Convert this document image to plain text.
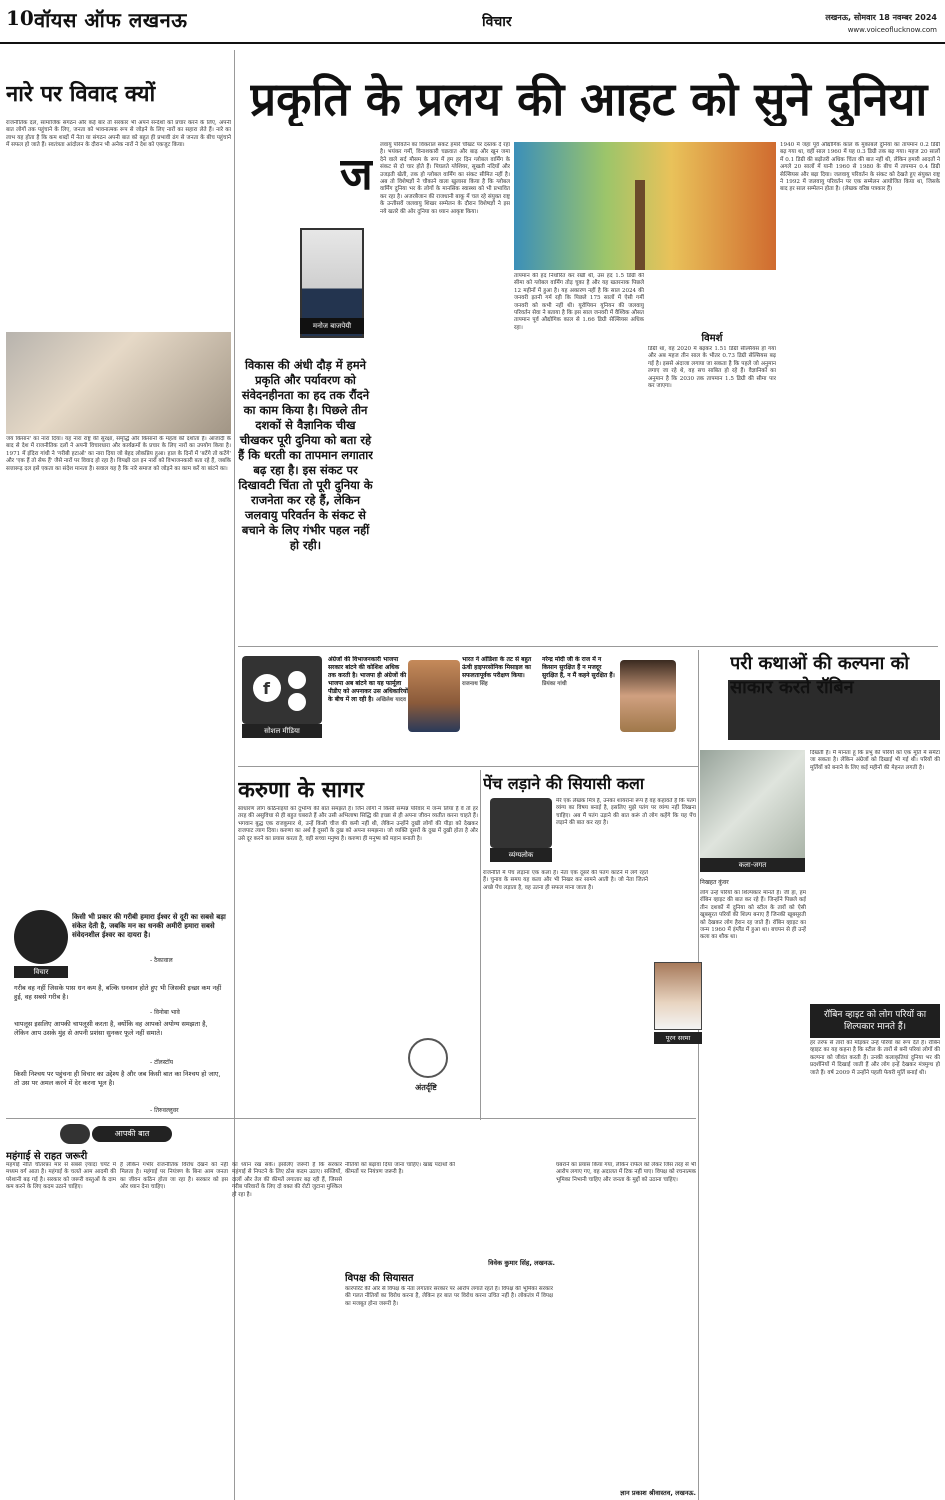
10 वॉयस ऑफ लखनऊ	विचार	लखनऊ, सोमवार 18 नवम्बर 2024
www.voiceoflucknow.com
प्रकृति के प्रलय की आहट को सुने दुनिया
नारे पर विवाद क्यों
राजनीतिक दल, सामाजिक संगठन और कई बार तो सरकार भी अपने सन्देशों को प्रचार करने के लिए, अपनी बात लोगों तक पहुंचाने के लिए, जनता को भावनात्मक रूप से जोड़ने के लिए नारों का सहारा लेते हैं। नारे का लाभ यह होता है कि कम शब्दों में नेता या संगठन अपनी बात को बहुत ही प्रभावी ढंग से जनता के बीच पहुंचाने में सफल हो जाते हैं। स्वतंत्रता आंदोलन के दौरान भी अनेक नारों ने देश को एकजुट किया।
जय किसान' का नारा दिया। यह नारा राष्ट्र की सुरक्षा, समृद्धि और किसानों के महत्व को दर्शाता है। आजादी के बाद से देश में राजनीतिक दलों ने अपनी विचारधारा और कार्यक्रमों के प्रचार के लिए नारों का उपयोग किया है। 1971 में इंदिरा गांधी ने 'गरीबी हटाओ' का नारा दिया जो बेहद लोकप्रिय हुआ। हाल के दिनों में 'बटेंगे तो कटेंगे' और 'एक हैं तो सेफ हैं' जैसे नारों पर विवाद हो रहा है। विपक्षी दल इन नारों को विभाजनकारी बता रहे हैं, जबकि सत्तारूढ़ दल इसे एकता का संदेश मानता है। सवाल यह है कि नारे समाज को जोड़ने का काम करें या बांटने का।
मनोज बाजपेयी
विकास की अंधी दौड़ में हमने प्रकृति और पर्यावरण को संवेदनहीनता का हद तक रौंदने का काम किया है। पिछले तीन दशकों से वैज्ञानिक चीख चीखकर पूरी दुनिया को बता रहे हैं कि धरती का तापमान लगातार बढ़ रहा है। इस संकट पर दिखावटी चिंता तो पूरी दुनिया के राजनेता कर रहे हैं, लेकिन जलवायु परिवर्तन के संकट से बचाने के लिए गंभीर पहल नहीं हो रही।
ज
लवायु परिवर्तन का विकराल संकट हमारे चौखट पर दस्तक दे रहा है। भयंकर गर्मी, विनाशकारी चक्रवात और बाढ़ और खून जमा देने वाले सर्द मौसम के रूप में हम हर दिन ग्लोबल वार्मिंग के संकट से दो चार होते हैं। पिघलते ग्लेशियर, सूखती नदियों और उजड़ती खेती, तक हो ग्लोबल वार्मिंग का संकट सीमित नहीं है। अब तो विशेषज्ञों ने चौकाने वाला खुलासा किया है कि ग्लोबल वार्मिंग दुनिया भर के लोगों के मानसिक स्वास्थ्य को भी प्रभावित कर रहा है। अजरबैजान की राजधानी बाकू में चल रहे संयुक्त राष्ट्र के उन्तीसवें जलवायु शिखर सम्मेलन के दौरान विशेषज्ञों ने इस नये खतरे की ओर दुनिया का ध्यान आकृष्ट किया।
तापमान की हद निर्धारित कर रखी थी, उस हद 1.5 डिग्री की सीमा को ग्लोबल वार्मिंग तोड़ चुका है और यह खतरनाक पिछले 12 महीनों में हुआ है। यह अकारण नहीं है कि साल 2024 की जनवरी इतनी गर्म रही कि पिछले 175 सालों में ऐसी गर्मी जनवरी को कभी नहीं थी। यूरोपियन यूनियन की जलवायु परिवर्तन सेवा ने बताया है कि इस साल जनवरी में वैश्विक औसत तापमान पूर्व औद्योगिक काल से 1.66 डिग्री सेल्सियस अधिक रहा।
विमर्श
डिग्री था, वह 2020 में बढ़कर 1.51 डिग्री सेल्सियस हो गया और अब महज तीन साल के भीतर 0.73 डिग्री सेल्सियस बढ़ गई है। इससे अंदाजा लगाया जा सकता है कि पहले जो अनुमान लगाए जा रहे थे, वह सच साबित हो रहे हैं। वैज्ञानिकों का अनुमान है कि 2030 तक तापमान 1.5 डिग्री की सीमा पार कर जाएगा।
1940 में जहां पूर्व औद्योगिक काल के मुकाबले दुनिया का तापमान 0.2 डिग्री बढ़ गया था, वहीं साल 1960 में यह 0.3 डिग्री तक बढ़ गया। महज 20 सालों में 0.1 डिग्री की बढ़ोतरी अधिक चिंता की बात नहीं थी, लेकिन हमारी आदतों ने अगले 20 सालों में यानी 1960 से 1980 के बीच में तापमान 0.4 डिग्री सेल्सियस और बढ़ा दिया। जलवायु परिवर्तन के संकट को देखते हुए संयुक्त राष्ट्र ने 1992 में जलवायु परिवर्तन पर एक सम्मेलन आयोजित किया था, जिसके बाद हर साल सम्मेलन होता है। (लेखक वरिष्ठ पत्रकार हैं)
f
सोशल मीडिया
अंग्रेजों की विभाजनकारी भाजपा सरकार बांटने की कोशिश अधिक तक करती है। भाजपा ही अंग्रेजों की भाजपा अब बांटने का यह फार्मूला पीडीए को अपनाकर उस अधिकारियों के बीच में ला रही है। अखिलेश यादव
भारत ने ओडिशा के तट से बहुत ऊंची हाइपरसोनिक मिसाइल का सफलतापूर्वक परीक्षण किया। राजनाथ सिंह
नरेन्द्र मोदी जी के राज में न किसान सुरक्षित हैं न मजदूर सुरक्षित हैं, न मैं कहने सुरक्षित हैं। प्रियंका गांधी
परी कथाओं की कल्पना को साकार करते रॉबिन
कला-जगत
निखहत कुंवर
लोग उन्हें परियों का शिल्पकार मानते हैं। जी हां, हम रॉबिन व्हाइट की बात कर रहे हैं। जिन्होंने पिछले कई तीन दशकों में दुनिया को स्टील के तारों को ऐसी खूबसूरत परियों की शिल्प बनाए हैं जिनकी खूबसूरती को देखकर लोग हैरान रह जाते हैं। रॉबिन व्हाइट का जन्म 1960 में इंग्लैंड में हुआ था। बचपन से ही उन्हें कला का शौक था।
दिखती है। मैं मानता हूं कि प्रभु की परियों को एक मूर्ति में समेटा जा सकता है। लेकिन अंग्रेजों को दिखाई भी गई थी। परियों की मूर्तियों को बनाने के लिए कई महीनों की मेहनत लगती है।
रॉबिन व्हाइट को लोग परियों का शिल्पकार मानते हैं।
हर तरफ से तारों को मोड़कर उन्हें परियों का रूप देते हैं। रॉबिन व्हाइट का यह कहना है कि स्टील के तारों से बनी परियां लोगों की कल्पना को जीवंत करती हैं। उनकी कलाकृतियां दुनिया भर की प्रदर्शनियों में दिखाई जाती हैं और लोग इन्हें देखकर मंत्रमुग्ध हो जाते हैं। वर्ष 2009 में उन्होंने पहली फेयरी मूर्ति बनाई थी।
करुणा के सागर
साधारण लोग कठिनाइयों को दुर्भाग्य की बात समझते हैं। जिन लोगों ने किसी सम्पन्न परिवार में जन्म लिया है वे तो हर तरह की असुविधा से ही बहुत घबराते हैं और उसी अभिलाषा सिद्धि की इच्छा से ही अपना जीवन व्यतीत करना चाहते हैं। भगवान बुद्ध एक राजकुमार थे, उन्हें किसी चीज की कमी नहीं थी, लेकिन उन्होंने दुखी लोगों की पीड़ा को देखकर राजपाट त्याग दिया। करुणा का अर्थ है दूसरों के दुख को अपना समझना। जो व्यक्ति दूसरों के दुख में दुखी होता है और उसे दूर करने का प्रयास करता है, वही सच्चा मनुष्य है। करुणा ही मनुष्य को महान बनाती है।
अंतर्दृष्टि
पेंच लड़ाने की सियासी कला
व्यंग्यलोक
मेरे एक लेखक मित्र हैं, उनका शायराना रूप है वह कहावतें हैं कि पतंग व्यंग्य का विषय बनाई है, इसलिए मुझे पतंग पर व्यंग्य नहीं लिखना चाहिए। अब मैं पतंग उड़ाने की बात करूं तो लोग कहेंगे कि यह पेंच लड़ाने की बात कर रहा है।
राजनीति में पेंच लड़ाना एक कला है। नेता एक दूसरे की पतंग काटने में लगे रहते हैं। चुनाव के समय यह कला और भी निखर कर सामने आती है। जो नेता जितने अच्छे पेंच लड़ाता है, वह उतना ही सफल माना जाता है।
पूरन सरमा
विचार
किसी भी प्रकार की गरीबी हमारा ईश्वर से दूरी का सबसे बड़ा संकेत देती है, जबकि मन का धनकी अमीरी हमारा सबसे संवेदनशील ईश्वर का दायरा है।
- ठैकावाल
गरीब वह नहीं जिसके पास धन कम है, बल्कि धनवान होते हुए भी जिसकी इच्छा कम नहीं हुई, वह सबसे गरीब है।
- विनोबा भावे
चापलूस इसलिए आपकी चापलूसी करता है, क्योंकि वह आपको अयोग्य समझता है, लेकिन आप उसके मुंह से अपनी प्रशंसा सुनकर फूले नहीं समाते।
- टॉलस्टॉय
किसी निश्चय पर पहुंचना ही विचार का उद्देश्य है और जब किसी बात का निश्चय हो जाए, तो उस पर अमल करने में देर करना भूल है।
- तिरुवल्लुवर
आपकी बात
महंगाई से राहत जरूरी
महंगाई नीति चौतरफ़ा मार से सबसे ज़्यादा चपेट में मध्यम वर्ग आता है। महंगाई के चलते आम आदमी की परेशानी बढ़ गई है। सरकार को जरूरी वस्तुओं के दाम कम करने के लिए कदम उठाने चाहिए।
हैं लेकिन गंभीर राजनीतिक विरोध देखने को नहीं मिलता है। महंगाई पर नियंत्रण के बिना आम जनता का जीवन कठिन होता जा रहा है। सरकार को इस ओर ध्यान देना चाहिए।
का ध्यान रख सके। इसलिए जरूरी है कि सरकार महंगाई से निपटने के लिए ठोस कदम उठाए। सब्जियों, दालों और तेल की कीमतें लगातार बढ़ रही हैं, जिससे गरीब परिवारों के लिए दो वक्त की रोटी जुटाना मुश्किल हो रहा है।
नीतियों को बढ़ावा दिया जाना चाहिए। खाद्य पदार्थों की कीमतों पर नियंत्रण जरूरी है।
विवेक कुमार सिंह, लखनऊ.
विपक्ष की सियासत
कारपोरेट की ओर से विपक्ष के नेता लगातार सरकार पर आरोप लगाते रहते हैं। विपक्ष की भूमिका सरकार की गलत नीतियों का विरोध करना है, लेकिन हर बात पर विरोध करना उचित नहीं है। लोकतंत्र में विपक्ष का मजबूत होना जरूरी है।
घबराने का प्रयास किया गया, लेकिन राफेल को लेकर जिस तरह से भी आरोप लगाए गए, वह अदालत में टिक नहीं पाए। विपक्ष को रचनात्मक भूमिका निभानी चाहिए और जनता के मुद्दों को उठाना चाहिए।
ज्ञान प्रकाश श्रीवास्तव, लखनऊ.
